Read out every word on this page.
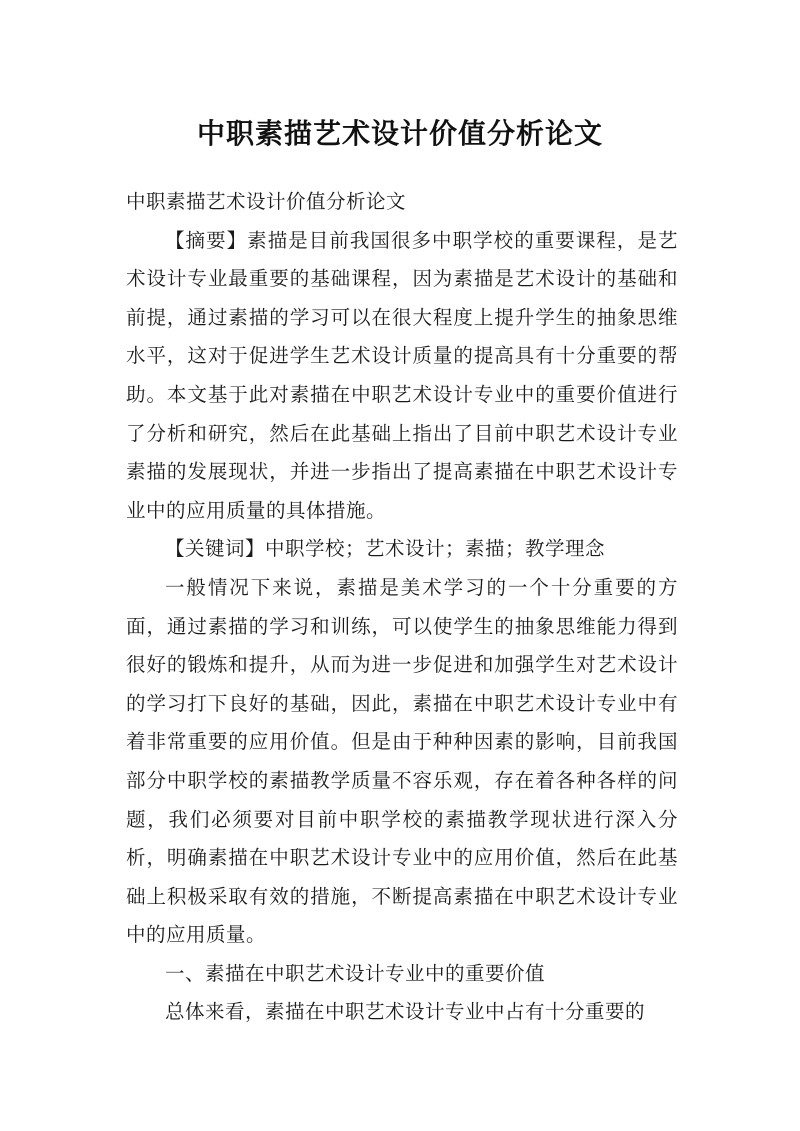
中职素描艺术设计价值分析论文

中职素描艺术设计价值分析论文

【摘要】素描是目前我国很多中职学校的重要课程，是艺术设计专业最重要的基础课程，因为素描是艺术设计的基础和前提，通过素描的学习可以在很大程度上提升学生的抽象思维水平，这对于促进学生艺术设计质量的提高具有十分重要的帮助。本文基于此对素描在中职艺术设计专业中的重要价值进行了分析和研究，然后在此基础上指出了目前中职艺术设计专业素描的发展现状，并进一步指出了提高素描在中职艺术设计专业中的应用质量的具体措施。

【关键词】中职学校；艺术设计；素描；教学理念

一般情况下来说，素描是美术学习的一个十分重要的方面，通过素描的学习和训练，可以使学生的抽象思维能力得到很好的锻炼和提升，从而为进一步促进和加强学生对艺术设计的学习打下良好的基础，因此，素描在中职艺术设计专业中有着非常重要的应用价值。但是由于种种因素的影响，目前我国部分中职学校的素描教学质量不容乐观，存在着各种各样的问题，我们必须要对目前中职学校的素描教学现状进行深入分析，明确素描在中职艺术设计专业中的应用价值，然后在此基础上积极采取有效的措施，不断提高素描在中职艺术设计专业中的应用质量。

一、素描在中职艺术设计专业中的重要价值

总体来看，素描在中职艺术设计专业中占有十分重要的
